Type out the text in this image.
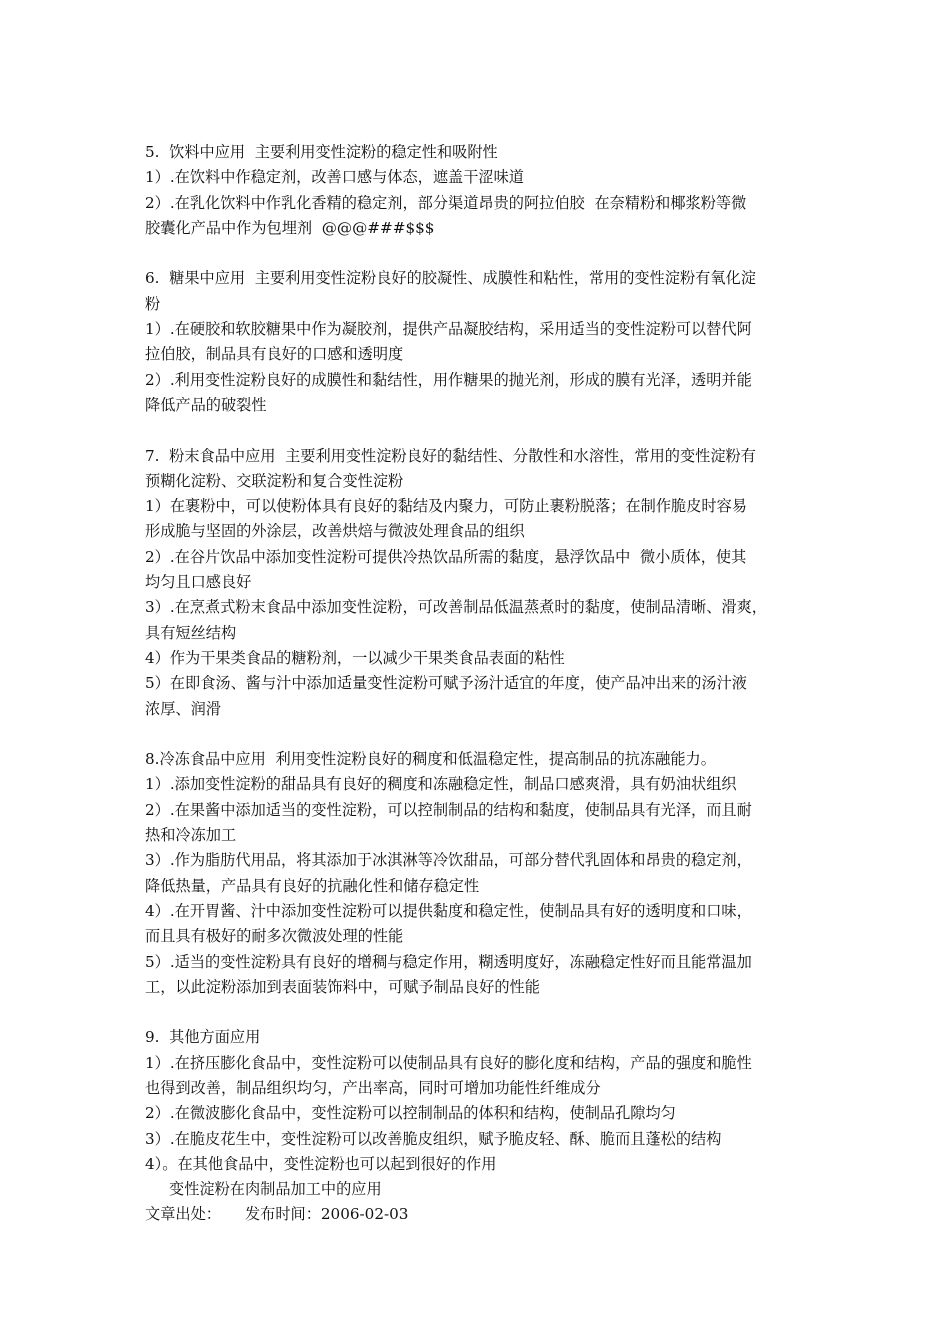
5.  饮料中应用  主要利用变性淀粉的稳定性和吸附性
1）.在饮料中作稳定剂，改善口感与体态，遮盖干涩味道
2）.在乳化饮料中作乳化香精的稳定剂，部分渠道昂贵的阿拉伯胶  在奈精粉和椰浆粉等微
胶囊化产品中作为包埋剂  @@@###$$$
6.  糖果中应用  主要利用变性淀粉良好的胶凝性、成膜性和粘性，常用的变性淀粉有氧化淀
粉
1）.在硬胶和软胶糖果中作为凝胶剂，提供产品凝胶结构，采用适当的变性淀粉可以替代阿
拉伯胶，制品具有良好的口感和透明度
2）.利用变性淀粉良好的成膜性和黏结性，用作糖果的抛光剂，形成的膜有光泽，透明并能
降低产品的破裂性
7.  粉末食品中应用  主要利用变性淀粉良好的黏结性、分散性和水溶性，常用的变性淀粉有
预糊化淀粉、交联淀粉和复合变性淀粉
1）在裹粉中，可以使粉体具有良好的黏结及内聚力，可防止裹粉脱落；在制作脆皮时容易
形成脆与坚固的外涂层，改善烘焙与微波处理食品的组织
2）.在谷片饮品中添加变性淀粉可提供冷热饮品所需的黏度，悬浮饮品中  微小质体，使其
均匀且口感良好
3）.在烹煮式粉末食品中添加变性淀粉，可改善制品低温蒸煮时的黏度，使制品清晰、滑爽，
具有短丝结构
4）作为干果类食品的糖粉剂，一以减少干果类食品表面的粘性
5）在即食汤、酱与汁中添加适量变性淀粉可赋予汤汁适宜的年度，使产品冲出来的汤汁液
浓厚、润滑
8.冷冻食品中应用  利用变性淀粉良好的稠度和低温稳定性，提高制品的抗冻融能力。
1）.添加变性淀粉的甜品具有良好的稠度和冻融稳定性，制品口感爽滑，具有奶油状组织
2）.在果酱中添加适当的变性淀粉，可以控制制品的结构和黏度，使制品具有光泽，而且耐
热和冷冻加工
3）.作为脂肪代用品，将其添加于冰淇淋等冷饮甜品，可部分替代乳固体和昂贵的稳定剂，
降低热量，产品具有良好的抗融化性和储存稳定性
4）.在开胃酱、汁中添加变性淀粉可以提供黏度和稳定性，使制品具有好的透明度和口味，
而且具有极好的耐多次微波处理的性能
5）.适当的变性淀粉具有良好的增稠与稳定作用，糊透明度好，冻融稳定性好而且能常温加
工，以此淀粉添加到表面装饰料中，可赋予制品良好的性能
9.  其他方面应用
1）.在挤压膨化食品中，变性淀粉可以使制品具有良好的膨化度和结构，产品的强度和脆性
也得到改善，制品组织均匀，产出率高，同时可增加功能性纤维成分
2）.在微波膨化食品中，变性淀粉可以控制制品的体积和结构，使制品孔隙均匀
3）.在脆皮花生中，变性淀粉可以改善脆皮组织，赋予脆皮轻、酥、脆而且蓬松的结构
4）。在其他食品中，变性淀粉也可以起到很好的作用
变性淀粉在肉制品加工中的应用
文章出处： 发布时间：2006-02-03
